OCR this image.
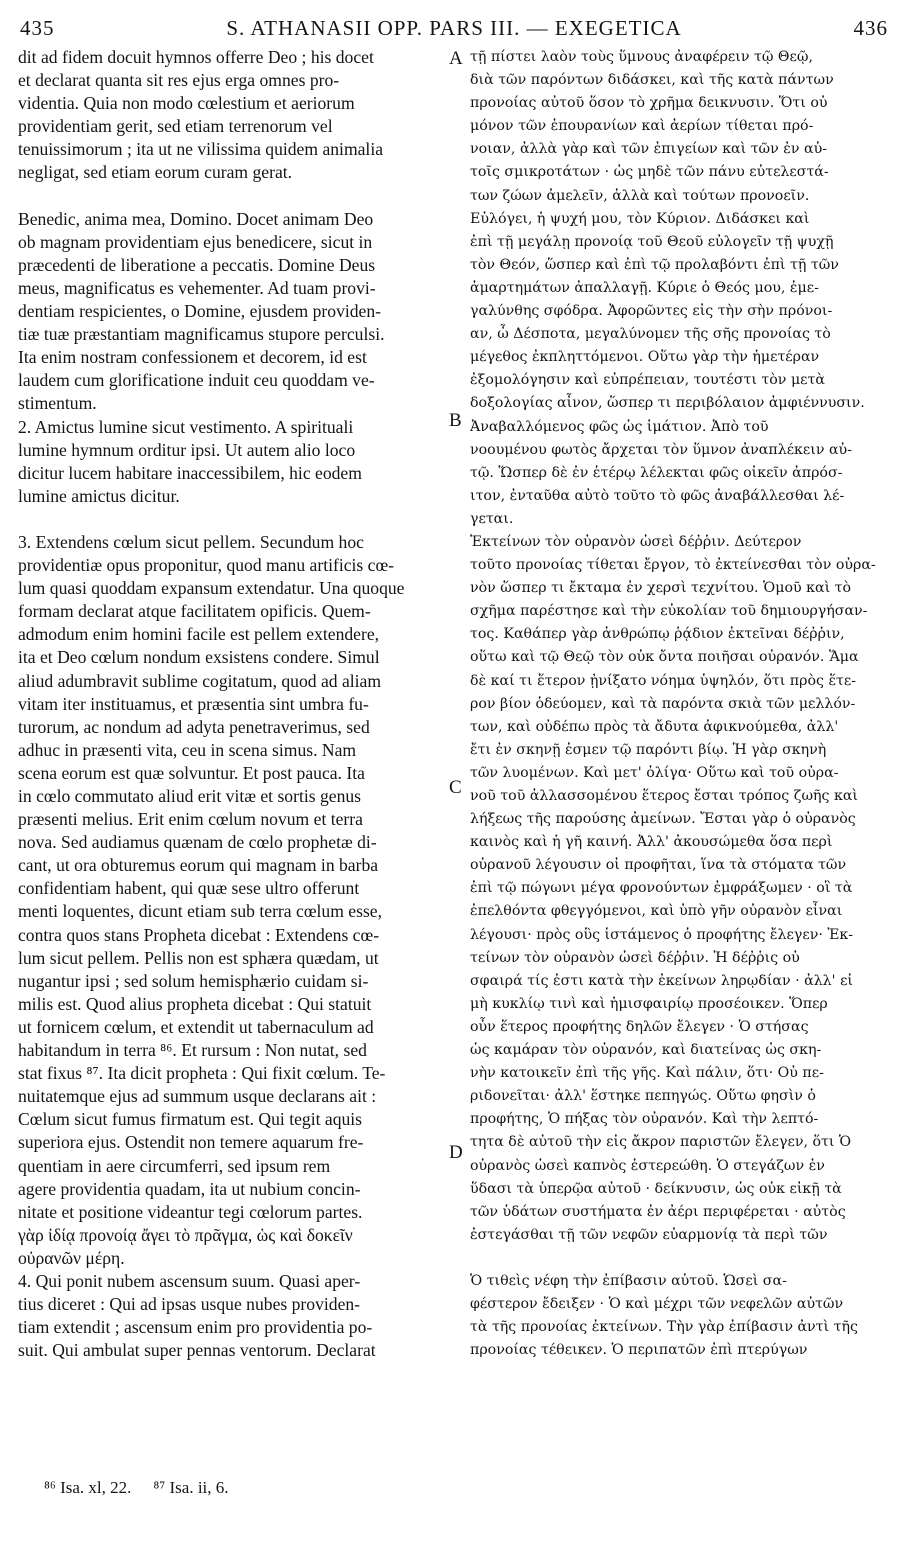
435	S. ATHANASII OPP. PARS III. — EXEGETICA	436
dit ad fidem docuit hymnos offerre Deo ; his docet
et declarat quanta sit res ejus erga omnes pro-
videntia. Quia non modo cœlestium et aeriorum
providentiam gerit, sed etiam terrenorum vel
tenuissimorum ; ita ut ne vilissima quidem animalia
negligat, sed etiam eorum curam gerat.
Benedic, anima mea, Domino. Docet animam Deo
ob magnam providentiam ejus benedicere, sicut in
præcedenti de liberatione a peccatis. Domine Deus
meus, magnificatus es vehementer. Ad tuam provi-
dentiam respicientes, o Domine, ejusdem providen-
tiæ tuæ præstantiam magnificamus stupore perculsi.
Ita enim nostram confessionem et decorem, id est
laudem cum glorificatione induit ceu quoddam ve-
stimentum.
2. Amictus lumine sicut vestimento. A spirituali
lumine hymnum orditur ipsi. Ut autem alio loco
dicitur lucem habitare inaccessibilem, hic eodem
lumine amictus dicitur.
3. Extendens cœlum sicut pellem. Secundum hoc
providentiæ opus proponitur, quod manu artificis cœ-
lum quasi quoddam expansum extendatur. Una quoque
formam declarat atque facilitatem opificis. Quem-
admodum enim homini facile est pellem extendere,
ita et Deo cœlum nondum exsistens condere. Simul
aliud adumbravit sublime cogitatum, quod ad aliam
vitam iter instituamus, et præsentia sint umbra fu-
turorum, ac nondum ad adyta penetraverimus, sed
adhuc in præsenti vita, ceu in scena simus. Nam
scena eorum est quæ solvuntur. Et post pauca. Ita
in cœlo commutato aliud erit vitæ et sortis genus
præsenti melius. Erit enim cœlum novum et terra
nova. Sed audiamus quænam de cœlo prophetæ di-
cant, ut ora obturemus eorum qui magnam in barba
confidentiam habent, qui quæ sese ultro offerunt
menti loquentes, dicunt etiam sub terra cœlum esse,
contra quos stans Propheta dicebat : Extendens cœ-
lum sicut pellem. Pellis non est sphæra quædam, ut
nugantur ipsi ; sed solum hemisphærio cuidam si-
milis est. Quod alius propheta dicebat : Qui statuit
ut fornicem cœlum, et extendit ut tabernaculum ad
habitandum in terra ⁸⁶. Et rursum : Non nutat, sed
stat fixus ⁸⁷. Ita dicit propheta : Qui fixit cœlum. Te-
nuitatemque ejus ad summum usque declarans ait :
Cœlum sicut fumus firmatum est. Qui tegit aquis
superiora ejus. Ostendit non temere aquarum fre-
quentiam in aere circumferri, sed ipsum rem
agere providentia quadam, ita ut nubium concin-
nitate et positione videantur tegi cœlorum partes.
γὰρ ἰδίᾳ προνοίᾳ ἄγει τὸ πρᾶγμα, ὡς καὶ δοκεῖν
οὐρανῶν μέρη.
4. Qui ponit nubem ascensum suum. Quasi aper-
tius diceret : Qui ad ipsas usque nubes providen-
tiam extendit ; ascensum enim pro providentia po-
suit. Qui ambulat super pennas ventorum. Declarat
τῇ πίστει λαὸν τοὺς ὕμνους ἀναφέρειν τῷ Θεῷ,
διὰ τῶν παρόντων διδάσκει, καὶ τῆς κατὰ πάντων
προνοίας αὐτοῦ ὅσον τὸ χρῆμα δεικνυσιν. Ὅτι οὐ
μόνον τῶν ἐπουρανίων καὶ ἀερίων τίθεται πρό-
νοιαν, ἀλλὰ γὰρ καὶ τῶν ἐπιγείων καὶ τῶν ἐν αὐ-
τοῖς σμικροτάτων · ὡς μηδὲ τῶν πάνυ εὐτελεστά-
των ζώων ἀμελεῖν, ἀλλὰ καὶ τούτων προνοεῖν.
Εὐλόγει, ἡ ψυχή μου, τὸν Κύριον. Διδάσκει καὶ
ἐπὶ τῇ μεγάλῃ προνοίᾳ τοῦ Θεοῦ εὐλογεῖν τῇ ψυχῇ
τὸν Θεόν, ὥσπερ καὶ ἐπὶ τῷ προλαβόντι ἐπὶ τῇ τῶν
ἁμαρτημάτων ἀπαλλαγῇ. Κύριε ὁ Θεός μου, ἐμε-
γαλύνθης σφόδρα. Ἀφορῶντες εἰς τὴν σὴν πρόνοι-
αν, ὦ Δέσποτα, μεγαλύνομεν τῆς σῆς προνοίας τὸ
μέγεθος ἐκπληττόμενοι. Οὕτω γὰρ τὴν ἡμετέραν
ἐξομολόγησιν καὶ εὐπρέπειαν, τουτέστι τὸν μετὰ
δοξολογίας αἶνον, ὥσπερ τι περιβόλαιον ἀμφιέννυσιν.
Ἀναβαλλόμενος φῶς ὡς ἱμάτιον. Ἀπὸ τοῦ
νοουμένου φωτὸς ἄρχεται τὸν ὕμνον ἀναπλέκειν αὐ-
τῷ. Ὥσπερ δὲ ἐν ἑτέρῳ λέλεκται φῶς οἰκεῖν ἀπρόσ-
ιτον, ἐνταῦθα αὐτὸ τοῦτο τὸ φῶς ἀναβάλλεσθαι λέ-
γεται.
Ἐκτείνων τὸν οὐρανὸν ὡσεὶ δέῤῥιν. Δεύτερον
τοῦτο προνοίας τίθεται ἔργον, τὸ ἐκτείνεσθαι τὸν οὐρα-
νὸν ὥσπερ τι ἔκταμα ἐν χερσὶ τεχνίτου. Ὁμοῦ καὶ τὸ
σχῆμα παρέστησε καὶ τὴν εὐκολίαν τοῦ δημιουργήσαν-
τος. Καθάπερ γὰρ ἀνθρώπῳ ῥᾴδιον ἐκτεῖναι δέῤῥιν,
οὕτω καὶ τῷ Θεῷ τὸν οὐκ ὄντα ποιῆσαι οὐρανόν. Ἅμα
δὲ καί τι ἕτερον ᾐνίξατο νόημα ὑψηλόν, ὅτι πρὸς ἕτε-
ρον βίον ὁδεύομεν, καὶ τὰ παρόντα σκιὰ τῶν μελλόν-
των, καὶ οὐδέπω πρὸς τὰ ἄδυτα ἀφικνούμεθα, ἀλλ'
ἔτι ἐν σκηνῇ ἐσμεν τῷ παρόντι βίῳ. Ἡ γὰρ σκηνὴ
τῶν λυομένων. Καὶ μετ' ὀλίγα· Οὕτω καὶ τοῦ οὐρα-
νοῦ τοῦ ἀλλασσομένου ἕτερος ἔσται τρόπος ζωῆς καὶ
λήξεως τῆς παρούσης ἀμείνων. Ἔσται γὰρ ὁ οὐρανὸς
καινὸς καὶ ἡ γῆ καινή. Ἀλλ' ἀκουσώμεθα ὅσα περὶ
οὐρανοῦ λέγουσιν οἱ προφῆται, ἵνα τὰ στόματα τῶν
ἐπὶ τῷ πώγωνι μέγα φρονούντων ἐμφράξωμεν · οἳ τὰ
ἐπελθόντα φθεγγόμενοι, καὶ ὑπὸ γῆν οὐρανὸν εἶναι
λέγουσι· πρὸς οὓς ἱστάμενος ὁ προφήτης ἔλεγεν· Ἐκ-
τείνων τὸν οὐρανὸν ὡσεὶ δέῤῥιν. Ἡ δέῤῥις οὐ
σφαιρά τίς ἐστι κατὰ τὴν ἐκείνων ληρῳδίαν · ἀλλ' εἰ
μὴ κυκλίῳ τινὶ καὶ ἡμισφαιρίῳ προσέοικεν. Ὅπερ
οὖν ἕτερος προφήτης δηλῶν ἔλεγεν · Ὁ στήσας
ὡς καμάραν τὸν οὐρανόν, καὶ διατείνας ὡς σκη-
νὴν κατοικεῖν ἐπὶ τῆς γῆς. Καὶ πάλιν, ὅτι· Οὐ πε-
ριδονεῖται· ἀλλ' ἕστηκε πεπηγώς. Οὕτω φησὶν ὁ
προφήτης, Ὁ πήξας τὸν οὐρανόν. Καὶ τὴν λεπτό-
τητα δὲ αὐτοῦ τὴν εἰς ἄκρον παριστῶν ἔλεγεν, ὅτι Ὁ
οὐρανὸς ὡσεὶ καπνὸς ἐστερεώθη. Ὁ στεγάζων ἐν
ὕδασι τὰ ὑπερῷα αὐτοῦ · δείκνυσιν, ὡς οὐκ εἰκῇ τὰ
τῶν ὑδάτων συστήματα ἐν ἀέρι περιφέρεται · αὐτὸς
ἐστεγάσθαι τῇ τῶν νεφῶν εὐαρμονίᾳ τὰ περὶ τῶν
Ὁ τιθεὶς νέφη τὴν ἐπίβασιν αὐτοῦ. Ὡσεὶ σα-
φέστερον ἔδειξεν · Ὁ καὶ μέχρι τῶν νεφελῶν αὐτῶν
τὰ τῆς προνοίας ἐκτείνων. Τὴν γὰρ ἐπίβασιν ἀντὶ τῆς
προνοίας τέθεικεν. Ὁ περιπατῶν ἐπὶ πτερύγων
A
B
C
D
⁸⁶ Isa. xl, 22. ⁸⁷ Isa. ii, 6.
